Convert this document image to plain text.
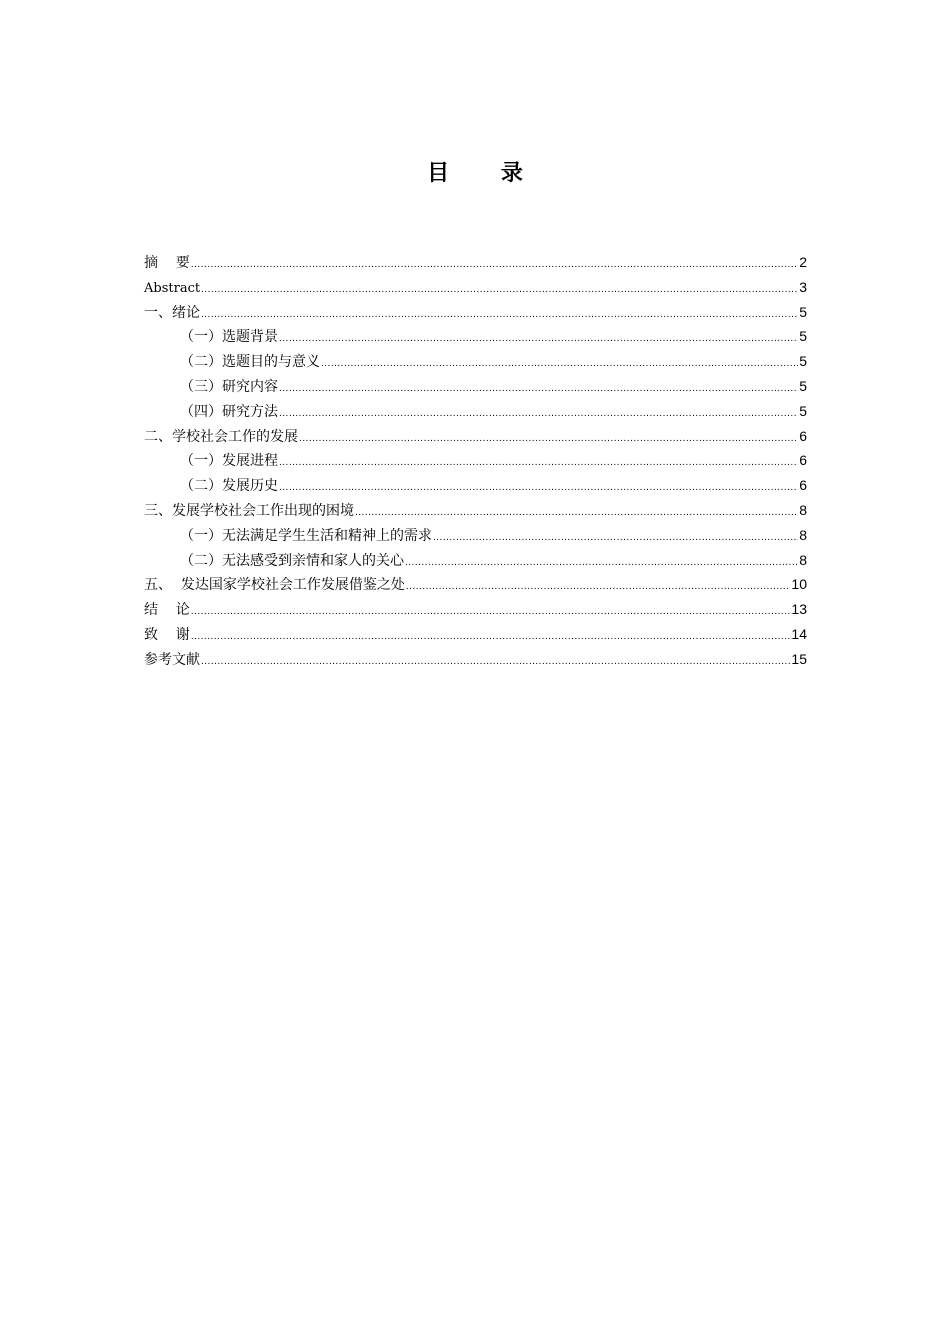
目 录
摘    要 .....	2
Abstract .....	3
一、绪论 .....	5
（一）选题背景 .....	5
（二）选题目的与意义 .....	5
（三）研究内容 .....	5
（四）研究方法 .....	5
二、学校社会工作的发展 .....	6
（一）发展进程 .....	6
（二）发展历史 .....	6
三、发展学校社会工作出现的困境 .....	8
（一）无法满足学生生活和精神上的需求 .....	8
（二）无法感受到亲情和家人的关心 .....	8
五、  发达国家学校社会工作发展借鉴之处 .....	10
结    论 .....	13
致    谢 .....	14
参考文献 .....	15
